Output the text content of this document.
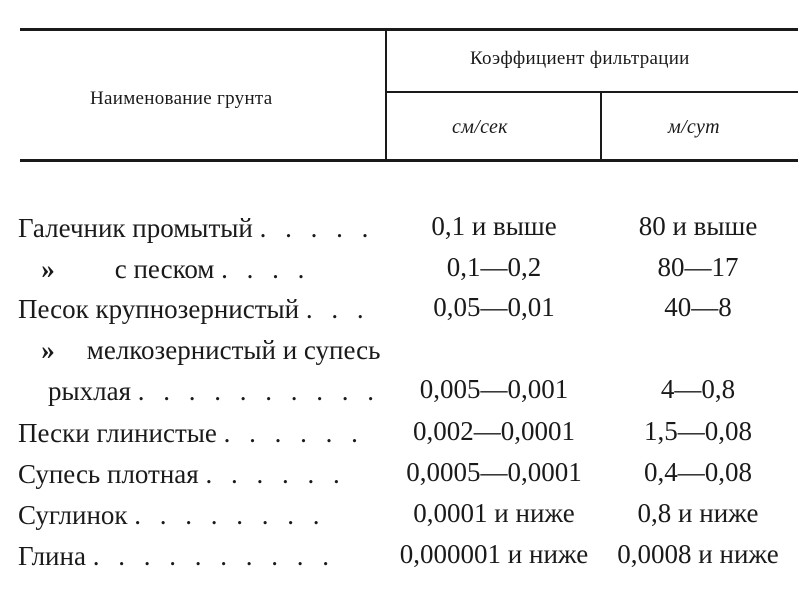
Наименование грунта
Коэффициент фильтрации
см/сек	м/сут
Галечник промытый . . . . .	0,1 и выше	80 и выше
» с песком . . . .	0,1—0,2	80—17
Песок крупнозернистый . . .	0,05—0,01	40—8
» мелкозернистый и супесь
рыхлая . . . . . . . . . .	0,005—0,001	4—0,8
Пески глинистые . . . . . .	0,002—0,0001	1,5—0,08
Супесь плотная . . . . . .	0,0005—0,0001	0,4—0,08
Суглинок . . . . . . . .	0,0001 и ниже	0,8 и ниже
Глина . . . . . . . . . .	0,000001 и ниже	0,0008 и ниже
